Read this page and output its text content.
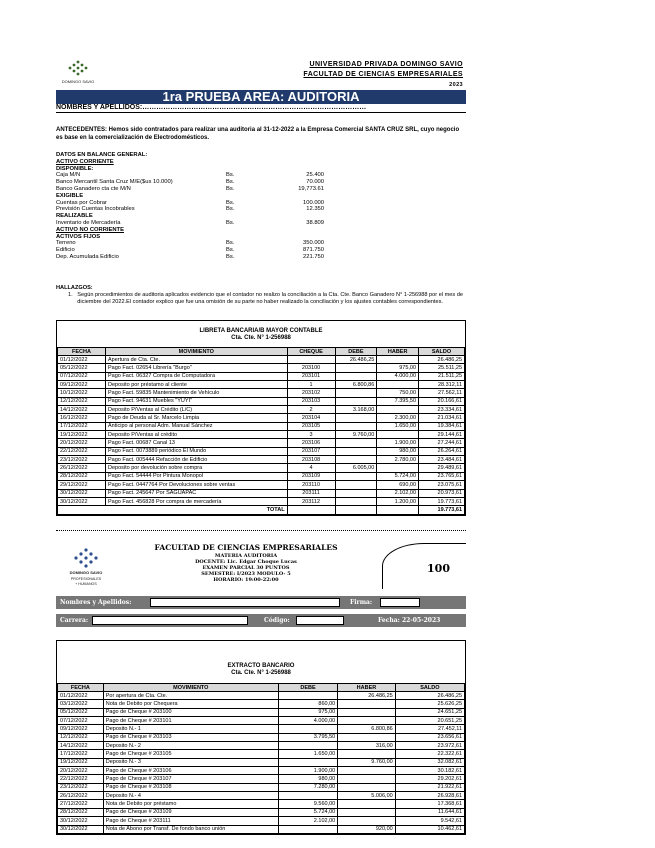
DOMINGO SAVIO
UNIVERSIDAD PRIVADA DOMINGO SAVIO
FACULTAD DE CIENCIAS EMPRESARIALES
2023
1ra PRUEBA AREA: AUDITORIA
NOMBRES Y APELLIDOS:……………………………………………………………………………………
ANTECEDENTES: Hemos sido contratados para realizar una auditoria al 31-12-2022 a la Empresa Comercial SANTA CRUZ SRL, cuyo negocio es base en la comercialización de Electrodomésticos.
DATOS EN BALANCE GENERAL:
ACTIVO CORRIENTE
DISPONIBLE:
Caja M/N	Bs.	25.400
Banco Mercantil Santa Cruz M/E($us 10.000)	Bs.	70.000
Banco Ganadero cta cte M/N	Bs.	19,773.61
EXIGIBLE
Cuentas por Cobrar	Bs.	100.000
Previsión Cuentas Incobrables	Bs.	12.350
REALIZABLE
Inventario de Mercadería	Bs.	38.809
ACTIVO NO CORRIENTE
ACTIVOS FIJOS
Terreno	Bs.	350.000
Edificio	Bs.	871.750
Dep. Acumulada Edificio	Bs.	221.750
HALLAZGOS:
1. Según procedimientos de auditoria aplicados evidencio que el contador no realizo la conciliación a la Cta. Cte. Banco Ganadero N° 1-256988 por el mes de diciembre del 2022.El contador explico que fue una omisión de su parte no haber realizado la conciliación y los ajustes contables correspondientes.
LIBRETA BANCARIA/B MAYOR CONTABLE
Cta. Cte. N° 1-256988
FECHA	MOVIMIENTO	CHEQUE	DEBE	HABER	SALDO
01/12/2022	Apertura de Cta. Cte.		26.486,25		26.486,25
05/12/2022	Pago Fact. 02654 Librería "Burgo"	203100		975,00	25.511,25
07/12/2022	Pago Fact. 06327 Compra de Computadora	203101		4.000,00	21.511,25
09/12/2022	Deposito por préstamo al cliente	1	6.800,86		28.312,11
10/12/2022	Pago Fact. 59835 Mantenimiento de Vehículo	203102		750,00	27.562,11
12/12/2022	Pago Fact. 94631 Muebles "YUYI"	203103		7.395,50	20.166,61
14/12/2022	Deposito P/Ventas al Crédito (L/C)	2	3.168,00		23.334,61
16/12/2022	Pago de Deuda al Sr. Marcelo Limpia	203104		2.300,00	21.034,61
17/12/2022	Anticipo al personal Adm. Manual Sánchez	203105		1.650,00	19.384,61
19/12/2022	Deposito P/Ventas al crédito	3	9.760,00		29.144,61
20/12/2022	Pago Fact. 00687 Canal 13	203106		1.900,00	27.244,61
22/12/2022	Pago Fact. 0073889 periódico El Mundo	203107		980,00	26.264,61
23/12/2022	Pago Fact. 005444 Refacción de Edificio	203108		2.780,00	23.484,61
26/12/2022	Deposito por devolución sobre compra	4	6.005,00		29.489,61
28/12/2022	Pago Fact. 54444 Por Pintura Monopol	203109		5.724,00	23.765,61
29/12/2022	Pago Fact. 0447764 Por Devoluciones sobre ventas	203110		690,00	23.075,61
30/12/2022	Pago Fact. 245647 Por SAGUAPAC	203111		2.102,00	20.973,61
30/12/2022	Pago Fact. 456828 Por compra de mercadería	203112		1.200,00	19.773,61
TOTAL					19.773,61
DOMINGO SAVIO
PROFESIONALES
+ HUMANOS
FACULTAD DE CIENCIAS EMPRESARIALES
MATERIA AUDITORIA
DOCENTE: Lic. Edgar Choque Lucas
EXAMEN PARCIAL 30 PUNTOS
SEMESTRE: I/2023 MODULO- 5
HORARIO: 19:00-22:00
100
Nombres y Apellidos:	Firma:
Carrera:	Código:	Fecha: 22-05-2023
EXTRACTO BANCARIO
Cta. Cte. N° 1-256988
FECHA	MOVIMIENTO	DEBE	HABER	SALDO
01/12/2022	Por apertura de Cta. Cte.		26.486,25	26.486,25
03/12/2022	Nota de Debito por Chequera	860,00		25.626,25
05/12/2022	Pago de Cheque # 203100	975,00		24.651,25
07/12/2022	Pago de Cheque # 203101	4.000,00		20.651,25
09/12/2022	Deposito N.- 1		6.800,86	27.452,11
12/12/2022	Pago de Cheque # 203103	3.795,50		23.656,61
14/12/2022	Deposito N.- 2		316,00	23.972,61
17/12/2022	Pago de Cheque # 203105	1.650,00		22.322,61
19/12/2022	Deposito N.- 3		9.760,00	32.082,61
20/12/2022	Pago de Cheque # 203106	1.900,00		30.182,61
22/12/2022	Pago de Cheque # 203107	980,00		29.202,61
23/12/2022	Pago de Cheque # 203108	7.280,00		21.922,61
26/12/2022	Deposito N.- 4		5.006,00	26.928,61
27/12/2022	Nota de Debito por préstamo	9.560,00		17.368,61
28/12/2022	Pago de Cheque # 203109	5.724,00		11.644,61
30/12/2022	Pago de Cheque # 203111	2.102,00		9.542,61
30/12/2022	Nota de Abono por Transf. De fondo banco unión		920,00	10.462,61
